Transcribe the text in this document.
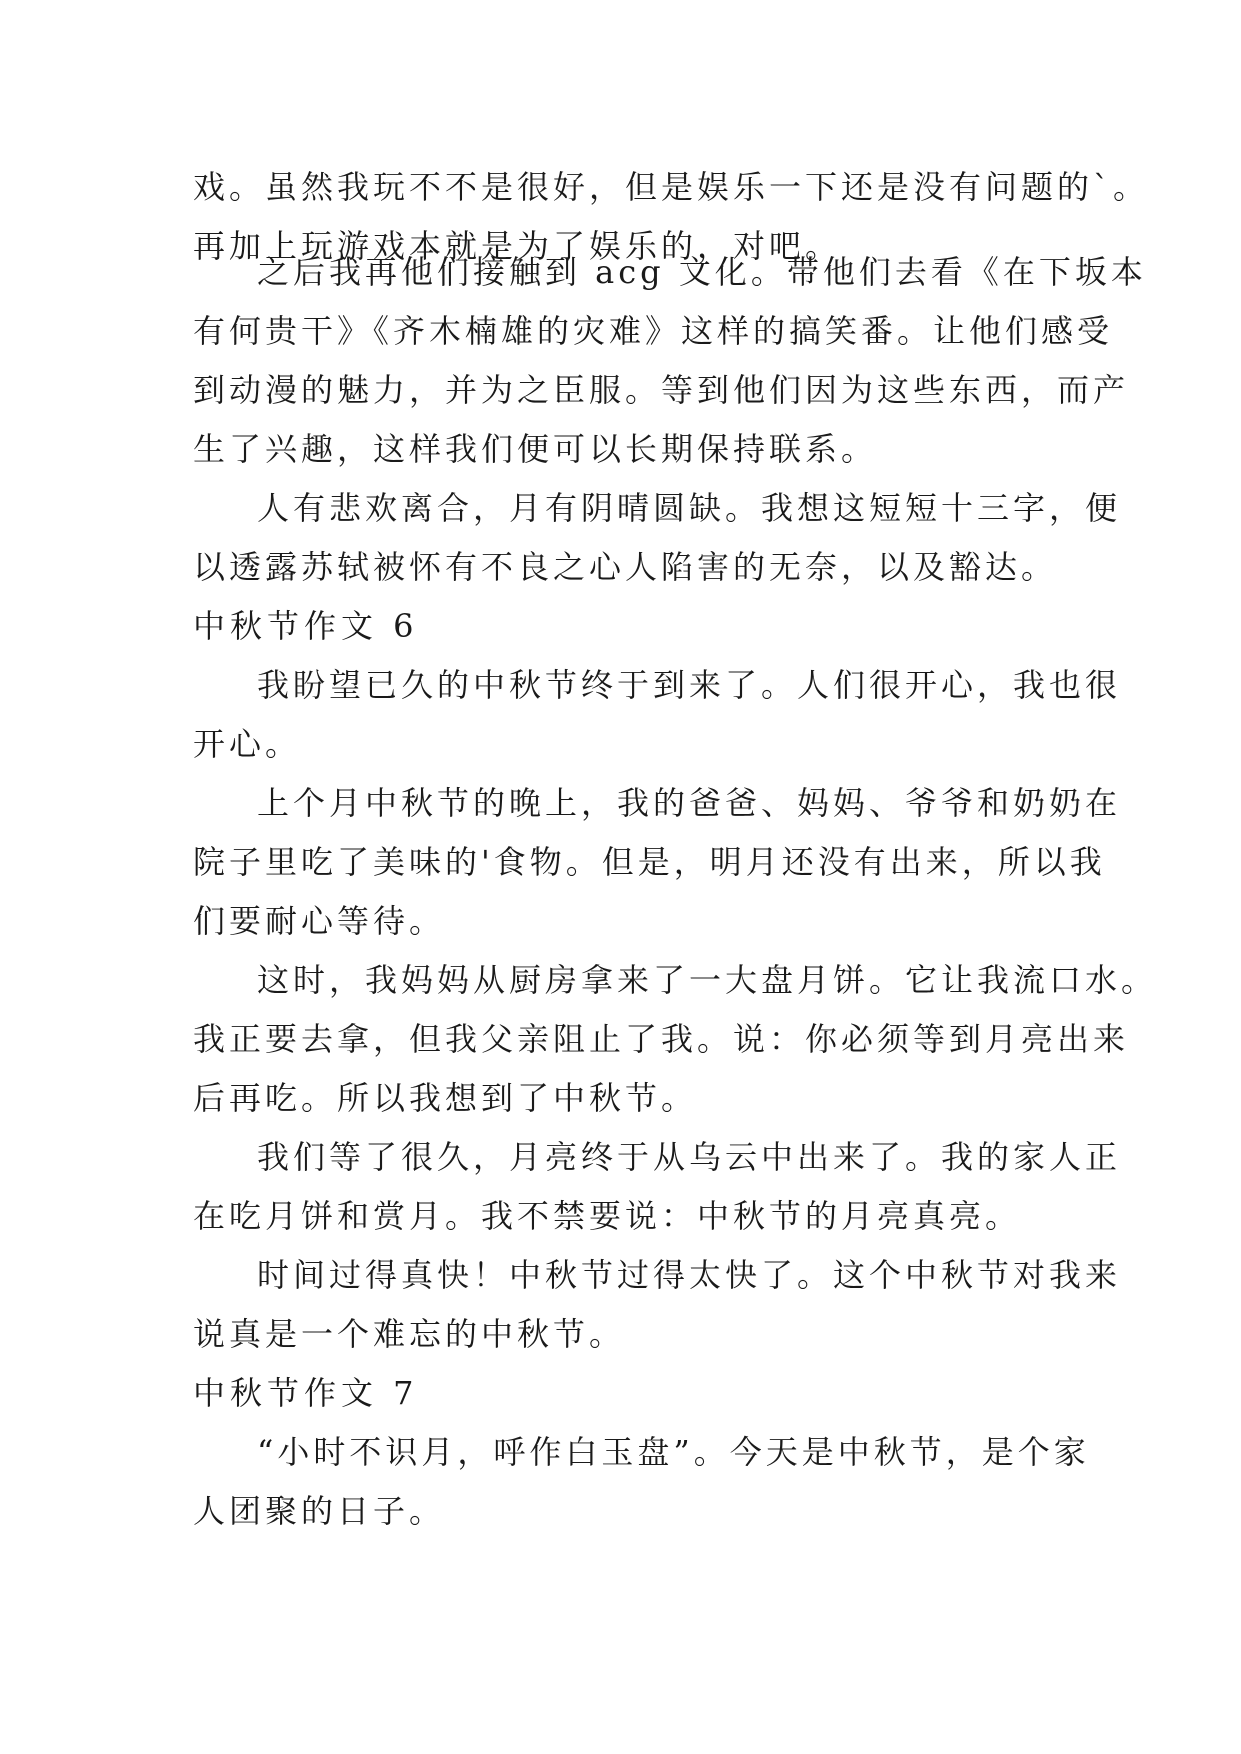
戏。虽然我玩不不是很好，但是娱乐一下还是没有问题的`。
再加上玩游戏本就是为了娱乐的，对吧。
之后我再他们接触到 acg 文化。带他们去看《在下坂本
有何贵干》《齐木楠雄的灾难》这样的搞笑番。让他们感受
到动漫的魅力，并为之臣服。等到他们因为这些东西，而产
生了兴趣，这样我们便可以长期保持联系。
人有悲欢离合，月有阴晴圆缺。我想这短短十三字，便
以透露苏轼被怀有不良之心人陷害的无奈，以及豁达。
中秋节作文 6
我盼望已久的中秋节终于到来了。人们很开心，我也很
开心。
上个月中秋节的晚上，我的爸爸、妈妈、爷爷和奶奶在
院子里吃了美味的'食物。但是，明月还没有出来，所以我
们要耐心等待。
这时，我妈妈从厨房拿来了一大盘月饼。它让我流口水。
我正要去拿，但我父亲阻止了我。说：你必须等到月亮出来
后再吃。所以我想到了中秋节。
我们等了很久，月亮终于从乌云中出来了。我的家人正
在吃月饼和赏月。我不禁要说：中秋节的月亮真亮。
时间过得真快！中秋节过得太快了。这个中秋节对我来
说真是一个难忘的中秋节。
中秋节作文 7
“小时不识月，呼作白玉盘”。今天是中秋节，是个家
人团聚的日子。
